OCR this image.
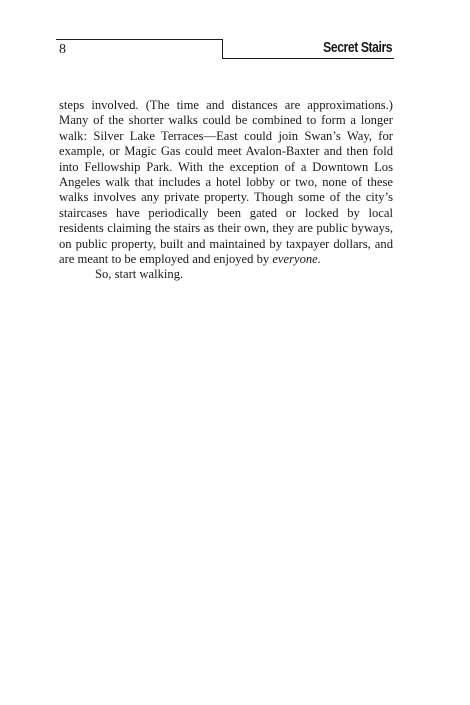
8	Secret Stairs

steps involved. (The time and distances are approximations.) Many of the shorter walks could be combined to form a longer walk: Silver Lake Terraces—East could join Swan’s Way, for example, or Magic Gas could meet Avalon-Baxter and then fold into Fellowship Park. With the exception of a Downtown Los Angeles walk that includes a hotel lobby or two, none of these walks involves any private property. Though some of the city’s staircases have periodically been gated or locked by local residents claiming the stairs as their own, they are public byways, on public property, built and maintained by taxpayer dollars, and are meant to be employed and enjoyed by everyone.

So, start walking.
